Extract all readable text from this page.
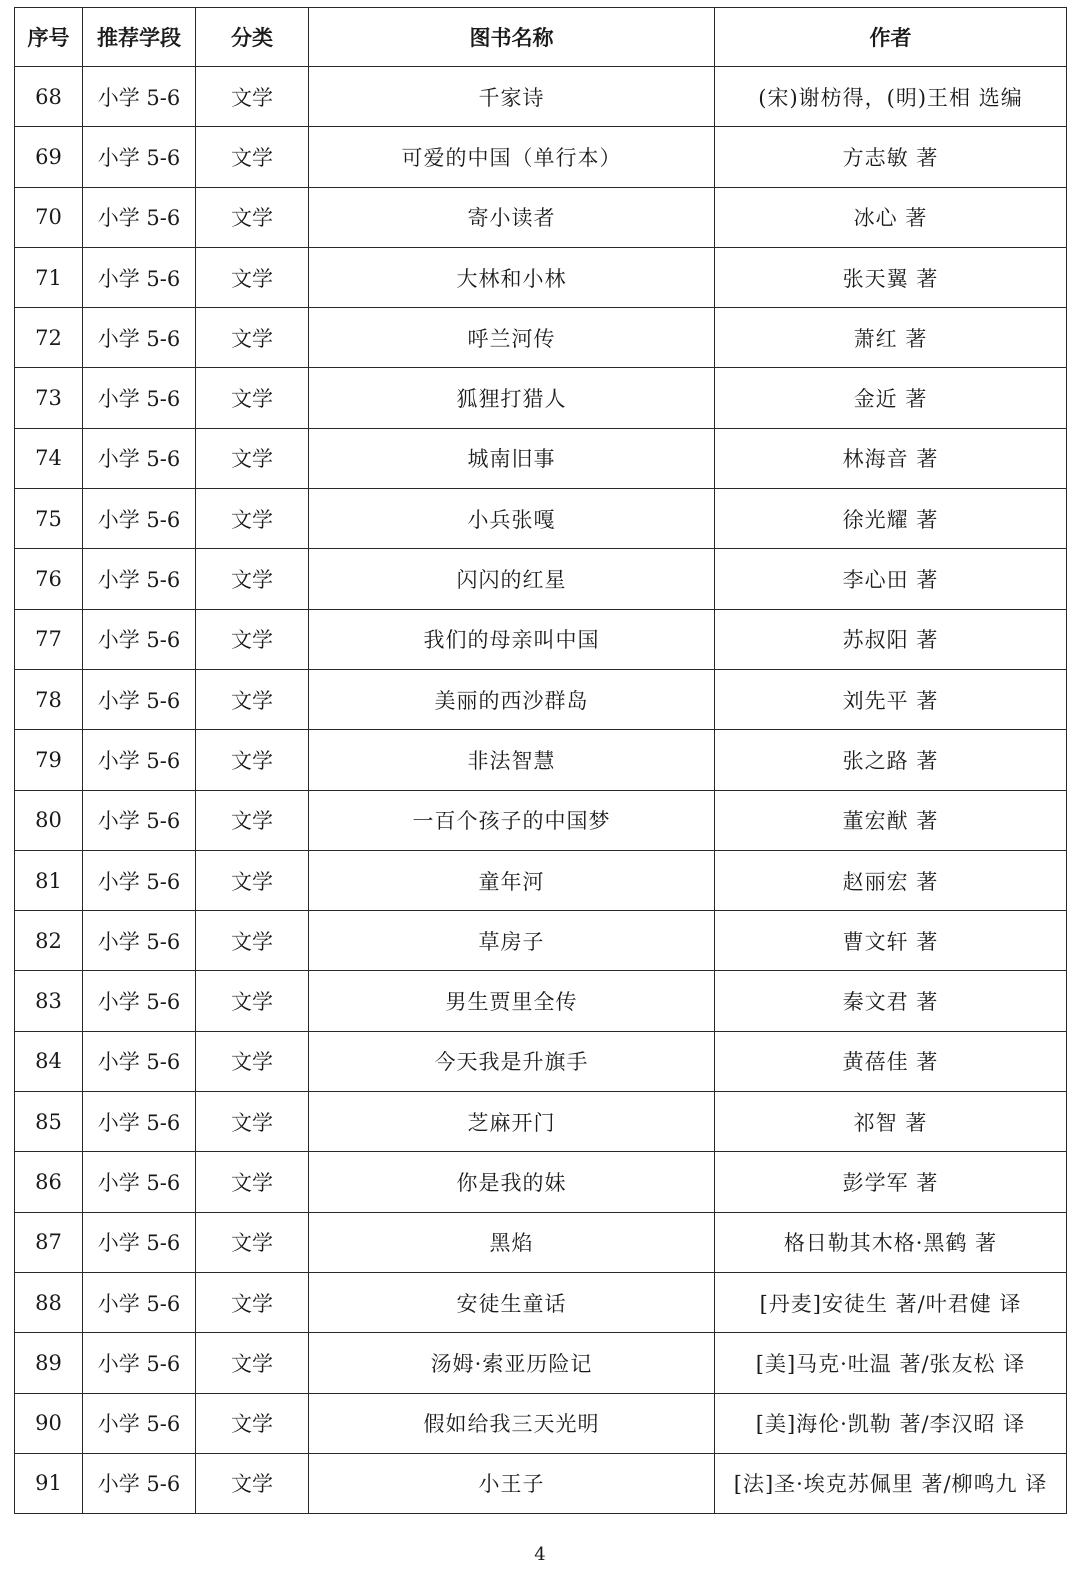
序号	推荐学段	分类	图书名称	作者
68	小学 5-6	文学	千家诗	(宋)谢枋得，(明)王相 选编
69	小学 5-6	文学	可爱的中国（单行本）	方志敏 著
70	小学 5-6	文学	寄小读者	冰心 著
71	小学 5-6	文学	大林和小林	张天翼 著
72	小学 5-6	文学	呼兰河传	萧红 著
73	小学 5-6	文学	狐狸打猎人	金近 著
74	小学 5-6	文学	城南旧事	林海音 著
75	小学 5-6	文学	小兵张嘎	徐光耀 著
76	小学 5-6	文学	闪闪的红星	李心田 著
77	小学 5-6	文学	我们的母亲叫中国	苏叔阳 著
78	小学 5-6	文学	美丽的西沙群岛	刘先平 著
79	小学 5-6	文学	非法智慧	张之路 著
80	小学 5-6	文学	一百个孩子的中国梦	董宏猷 著
81	小学 5-6	文学	童年河	赵丽宏 著
82	小学 5-6	文学	草房子	曹文轩 著
83	小学 5-6	文学	男生贾里全传	秦文君 著
84	小学 5-6	文学	今天我是升旗手	黄蓓佳 著
85	小学 5-6	文学	芝麻开门	祁智 著
86	小学 5-6	文学	你是我的妹	彭学军 著
87	小学 5-6	文学	黑焰	格日勒其木格·黑鹤 著
88	小学 5-6	文学	安徒生童话	[丹麦]安徒生 著/叶君健 译
89	小学 5-6	文学	汤姆·索亚历险记	[美]马克·吐温 著/张友松 译
90	小学 5-6	文学	假如给我三天光明	[美]海伦·凯勒 著/李汉昭 译
91	小学 5-6	文学	小王子	[法]圣·埃克苏佩里 著/柳鸣九 译
4
